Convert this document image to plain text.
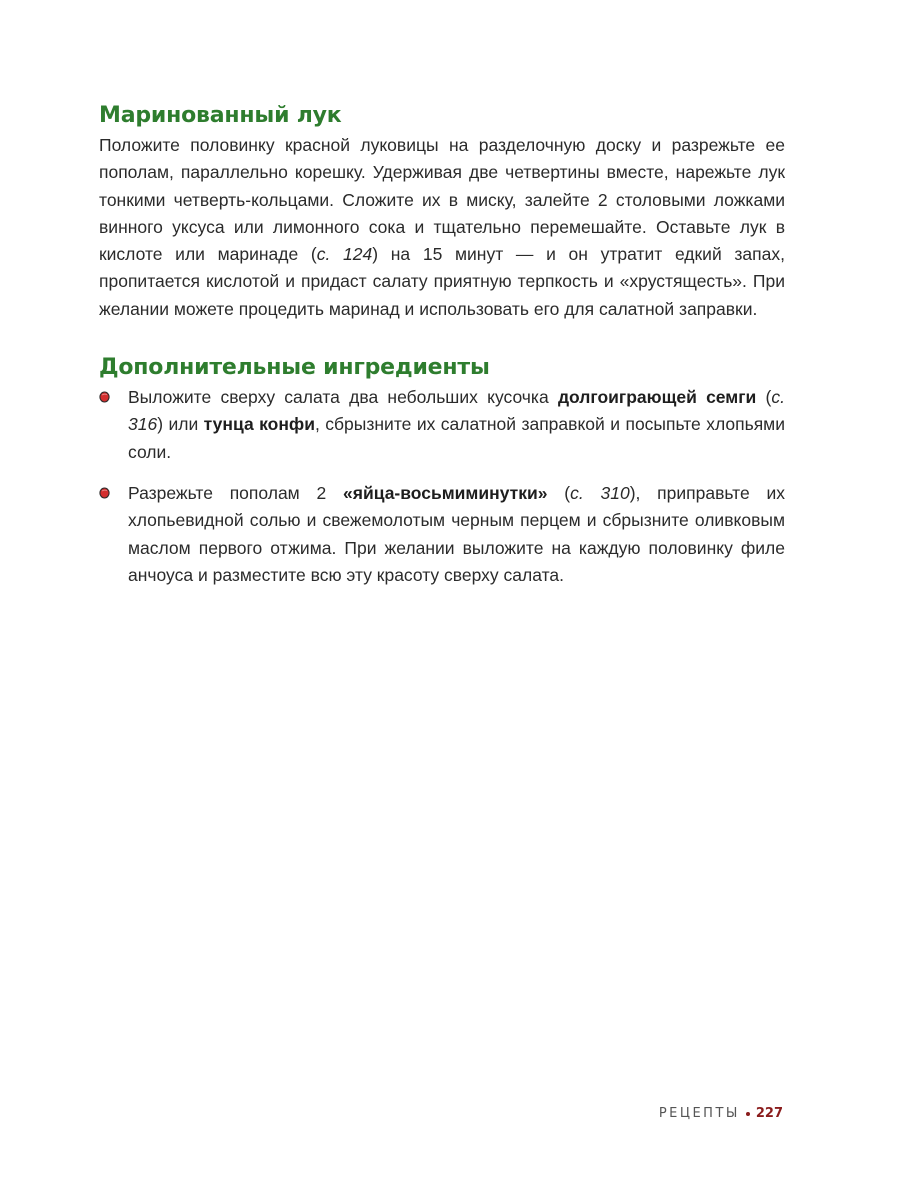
Маринованный лук

Положите половинку красной луковицы на разделочную доску и разрежьте ее пополам, параллельно корешку. Удерживая две четвертины вместе, нарежьте лук тонкими четверть-кольцами. Сложите их в миску, залейте 2 столовыми ложками винного уксуса или лимонного сока и тщательно перемешайте. Оставьте лук в кислоте или маринаде (с. 124) на 15 минут — и он утратит едкий запах, пропитается кислотой и придаст салату приятную терпкость и «хрустящесть». При желании можете процедить маринад и использовать его для салатной заправки.

Дополнительные ингредиенты
Выложите сверху салата два небольших кусочка долгоиграющей семги (с. 316) или тунца конфи, сбрызните их салатной заправкой и посыпьте хлопьями соли.
Разрежьте пополам 2 «яйца-восьмиминутки» (с. 310), приправьте их хлопьевидной солью и свежемолотым черным перцем и сбрызните оливковым маслом первого отжима. При желании выложите на каждую половинку филе анчоуса и разместите всю эту красоту сверху салата.
РЕЦЕПТЫ 227
